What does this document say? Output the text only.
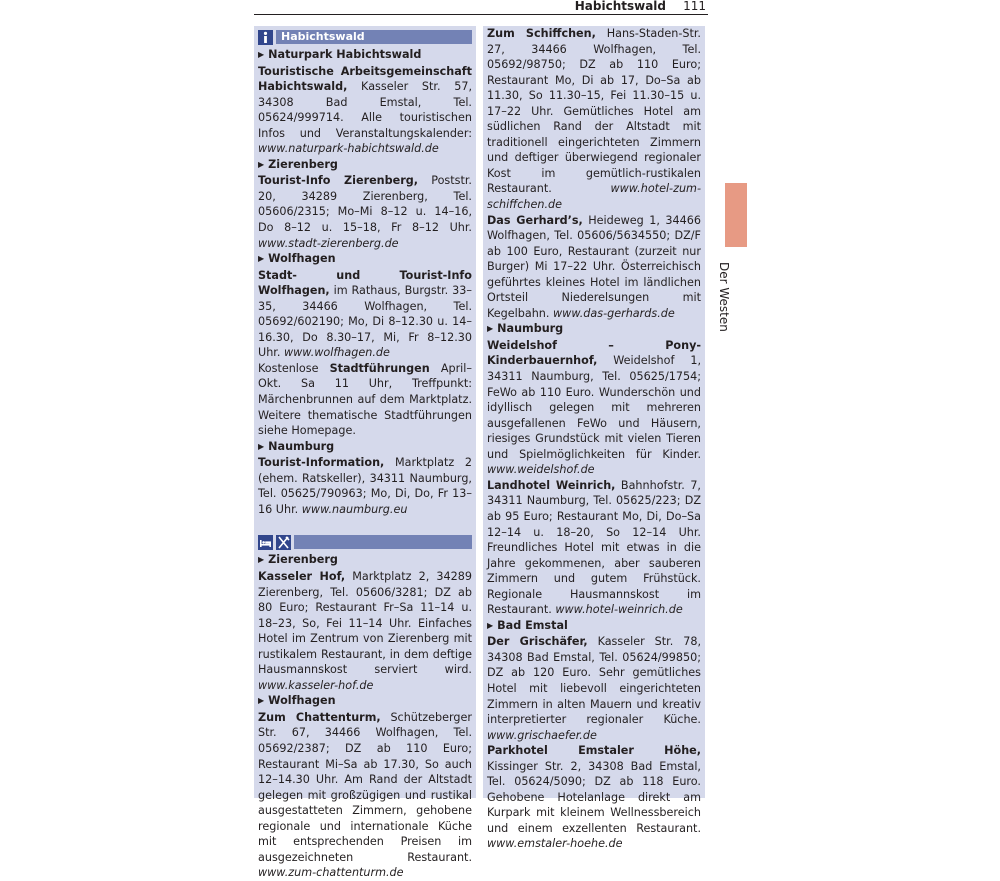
Habichtswald 111
Der Westen
Habichtswald
▶ Naturpark Habichtswald
Touristische Arbeitsgemeinschaft Habichtswald, Kasseler Str. 57, 34308 Bad Emstal, Tel. 05624/999714. Alle touristischen Infos und Veranstaltungskalender: www.naturpark-habichtswald.de
▶ Zierenberg
Tourist-Info Zierenberg, Poststr. 20, 34289 Zierenberg, Tel. 05606/2315; Mo–Mi 8–12 u. 14–16, Do 8–12 u. 15–18, Fr 8–12 Uhr. www.stadt-zierenberg.de
▶ Wolfhagen
Stadt- und Tourist-Info Wolfhagen, im Rathaus, Burgstr. 33–35, 34466 Wolfhagen, Tel. 05692/602190; Mo, Di 8–12.30 u. 14–16.30, Do 8.30–17, Mi, Fr 8–12.30 Uhr. www.wolfhagen.de
Kostenlose Stadtführungen April–Okt. Sa 11 Uhr, Treffpunkt: Märchenbrunnen auf dem Marktplatz. Weitere thematische Stadtführungen siehe Homepage.
▶ Naumburg
Tourist-Information, Marktplatz 2 (ehem. Ratskeller), 34311 Naumburg, Tel. 05625/790963; Mo, Di, Do, Fr 13–16 Uhr. www.naumburg.eu
▶ Zierenberg
Kasseler Hof, Marktplatz 2, 34289 Zierenberg, Tel. 05606/3281; DZ ab 80 Euro; Restaurant Fr–Sa 11–14 u. 18–23, So, Fei 11–14 Uhr. Einfaches Hotel im Zentrum von Zierenberg mit rustikalem Restaurant, in dem deftige Hausmannskost serviert wird. www.kasseler-hof.de
▶ Wolfhagen
Zum Chattenturm, Schützeberger Str. 67, 34466 Wolfhagen, Tel. 05692/2387; DZ ab 110 Euro; Restaurant Mi–Sa ab 17.30, So auch 12–14.30 Uhr. Am Rand der Altstadt gelegen mit großzügigen und rustikal ausgestatteten Zimmern, gehobene regionale und internationale Küche mit entsprechenden Preisen im ausgezeichneten Restaurant. www.zum-chattenturm.de
Zum Schiffchen, Hans-Staden-Str. 27, 34466 Wolfhagen, Tel. 05692/98750; DZ ab 110 Euro; Restaurant Mo, Di ab 17, Do–Sa ab 11.30, So 11.30–15, Fei 11.30–15 u. 17–22 Uhr. Gemütliches Hotel am südlichen Rand der Altstadt mit traditionell eingerichteten Zimmern und deftiger überwiegend regionaler Kost im gemütlich-rustikalen Restaurant. www.hotel-zum-schiffchen.de
Das Gerhard’s, Heideweg 1, 34466 Wolfhagen, Tel. 05606/5634550; DZ/F ab 100 Euro, Restaurant (zurzeit nur Burger) Mi 17–22 Uhr. Österreichisch geführtes kleines Hotel im ländlichen Ortsteil Niederelsungen mit Kegelbahn. www.das-gerhards.de
▶ Naumburg
Weidelshof – Pony-Kinderbauernhof, Weidelshof 1, 34311 Naumburg, Tel. 05625/1754; FeWo ab 110 Euro. Wunderschön und idyllisch gelegen mit mehreren ausgefallenen FeWo und Häusern, riesiges Grundstück mit vielen Tieren und Spielmöglichkeiten für Kinder. www.weidelshof.de
Landhotel Weinrich, Bahnhofstr. 7, 34311 Naumburg, Tel. 05625/223; DZ ab 95 Euro; Restaurant Mo, Di, Do–Sa 12–14 u. 18–20, So 12–14 Uhr. Freundliches Hotel mit etwas in die Jahre gekommenen, aber sauberen Zimmern und gutem Frühstück. Regionale Hausmannskost im Restaurant. www.hotel-weinrich.de
▶ Bad Emstal
Der Grischäfer, Kasseler Str. 78, 34308 Bad Emstal, Tel. 05624/99850; DZ ab 120 Euro. Sehr gemütliches Hotel mit liebevoll eingerichteten Zimmern in alten Mauern und kreativ interpretierter regionaler Küche. www.grischaefer.de
Parkhotel Emstaler Höhe, Kissinger Str. 2, 34308 Bad Emstal, Tel. 05624/5090; DZ ab 118 Euro. Gehobene Hotelanlage direkt am Kurpark mit kleinem Wellnessbereich und einem exzellenten Restaurant. www.emstaler-hoehe.de
